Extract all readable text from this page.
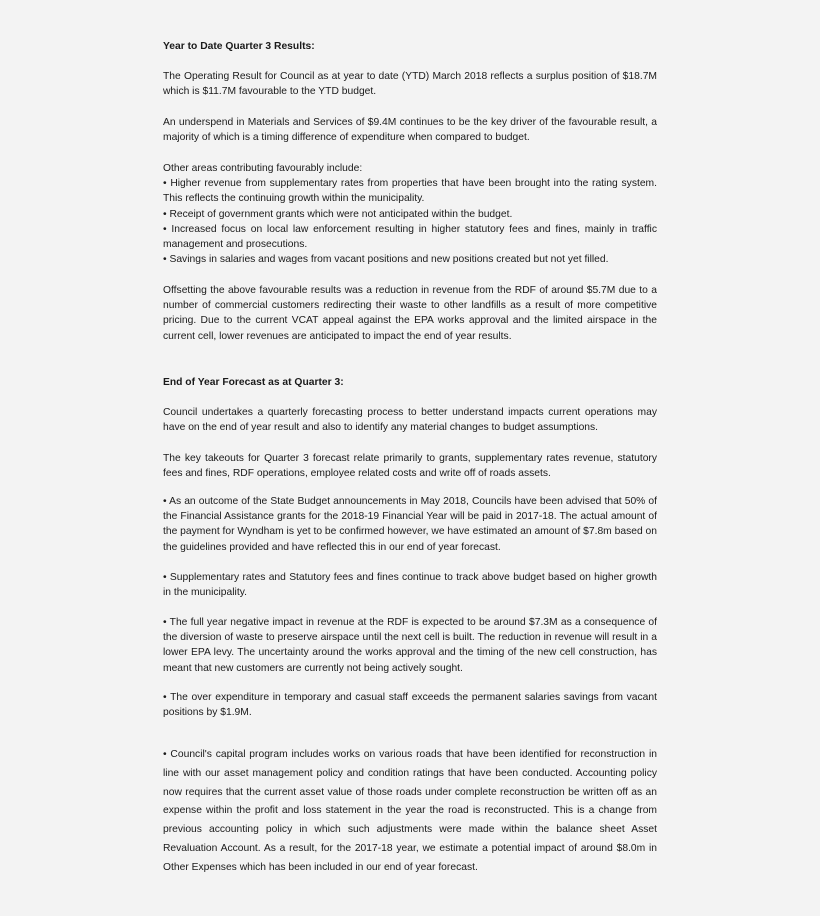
Year to Date Quarter 3 Results:

The Operating Result for Council as at year to date (YTD) March 2018 reflects a surplus position of $18.7M which is $11.7M favourable to the YTD budget.

An underspend in Materials and Services of $9.4M continues to be the key driver of the favourable result, a majority of which is a timing difference of expenditure when compared to budget.

Other areas contributing favourably include:

• Higher revenue from supplementary rates from properties that have been brought into the rating system. This reflects the continuing growth within the municipality.

• Receipt of government grants which were not anticipated within the budget.

• Increased focus on local law enforcement resulting in higher statutory fees and fines, mainly in traffic management and prosecutions.

• Savings in salaries and wages from vacant positions and new positions created but not yet filled.

Offsetting the above favourable results was a reduction in revenue from the RDF of around $5.7M due to a number of commercial customers redirecting their waste to other landfills as a result of more competitive pricing. Due to the current VCAT appeal against the EPA works approval and the limited airspace in the current cell, lower revenues are anticipated to impact the end of year results.

End of Year Forecast as at Quarter 3:

Council undertakes a quarterly forecasting process to better understand impacts current operations may have on the end of year result and also to identify any material changes to budget assumptions.

The key takeouts for Quarter 3 forecast relate primarily to grants, supplementary rates revenue, statutory fees and fines, RDF operations, employee related costs and write off of roads assets.

• As an outcome of the State Budget announcements in May 2018, Councils have been advised that 50% of the Financial Assistance grants for the 2018-19 Financial Year will be paid in 2017-18. The actual amount of the payment for Wyndham is yet to be confirmed however, we have estimated an amount of $7.8m based on the guidelines provided and have reflected this in our end of year forecast.

• Supplementary rates and Statutory fees and fines continue to track above budget based on higher growth in the municipality.

• The full year negative impact in revenue at the RDF is expected to be around $7.3M as a consequence of the diversion of waste to preserve airspace until the next cell is built. The reduction in revenue will result in a lower EPA levy. The uncertainty around the works approval and the timing of the new cell construction, has meant that new customers are currently not being actively sought.

• The over expenditure in temporary and casual staff exceeds the permanent salaries savings from vacant positions by $1.9M.

• Council's capital program includes works on various roads that have been identified for reconstruction in line with our asset management policy and condition ratings that have been conducted. Accounting policy now requires that the current asset value of those roads under complete reconstruction be written off as an expense within the profit and loss statement in the year the road is reconstructed. This is a change from previous accounting policy in which such adjustments were made within the balance sheet Asset Revaluation Account. As a result, for the 2017-18 year, we estimate a potential impact of around $8.0m in Other Expenses which has been included in our end of year forecast.
